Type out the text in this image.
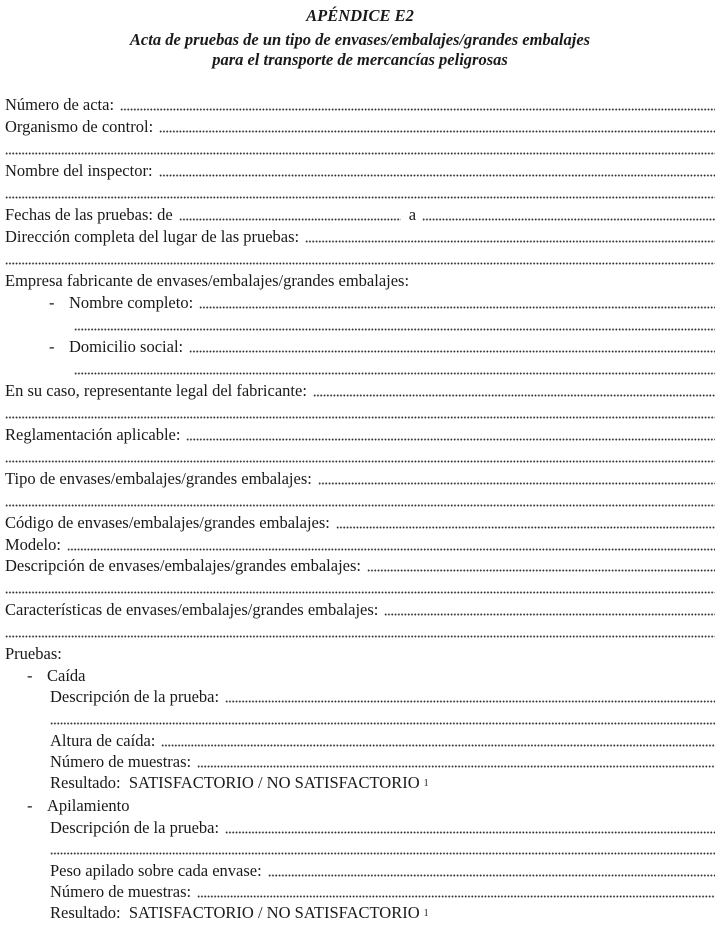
APÉNDICE E2
Acta de pruebas de un tipo de envases/embalajes/grandes embalajes
para el transporte de mercancías peligrosas
Número de acta:
Organismo de control:
Nombre del inspector:
Fechas de las pruebas: de	a
Dirección completa del lugar de las pruebas:
Empresa fabricante de envases/embalajes/grandes embalajes:
- Nombre completo:
- Domicilio social:
En su caso, representante legal del fabricante:
Reglamentación aplicable:
Tipo de envases/embalajes/grandes embalajes:
Código de envases/embalajes/grandes embalajes:
Modelo:
Descripción de envases/embalajes/grandes embalajes:
Características de envases/embalajes/grandes embalajes:
Pruebas:
- Caída
Descripción de la prueba:
Altura de caída:
Número de muestras:
Resultado:  SATISFACTORIO / NO SATISFACTORIO $^1$
- Apilamiento
Descripción de la prueba:
Peso apilado sobre cada envase:
Número de muestras:
Resultado:  SATISFACTORIO / NO SATISFACTORIO $^1$
